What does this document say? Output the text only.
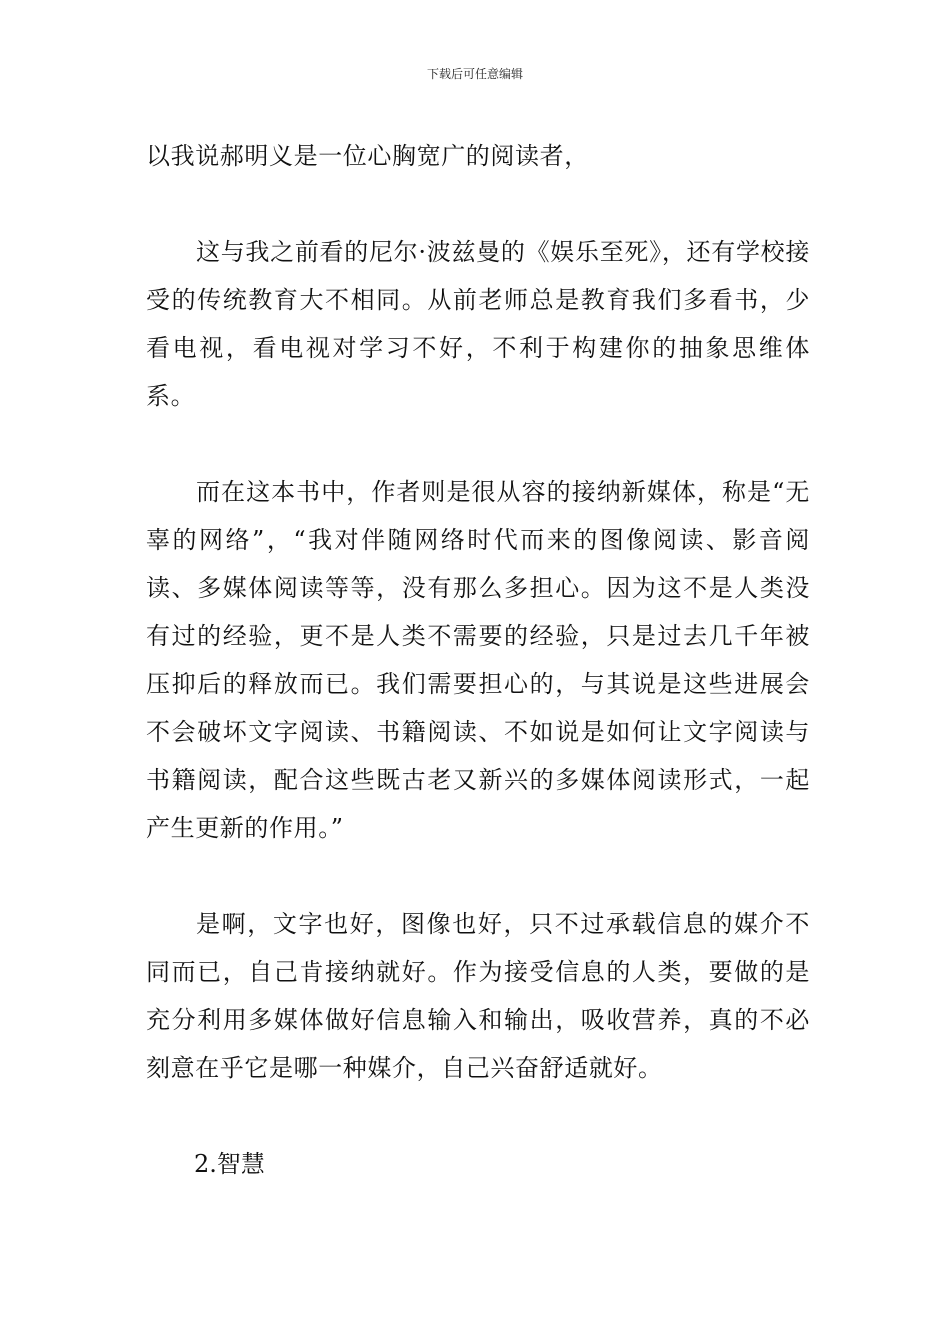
下载后可任意编辑

以我说郝明义是一位心胸宽广的阅读者，

这与我之前看的尼尔·波兹曼的《娱乐至死》，还有学校接受的传统教育大不相同。从前老师总是教育我们多看书，少看电视，看电视对学习不好，不利于构建你的抽象思维体系。

而在这本书中，作者则是很从容的接纳新媒体，称是“无辜的网络”，“我对伴随网络时代而来的图像阅读、影音阅读、多媒体阅读等等，没有那么多担心。因为这不是人类没有过的经验，更不是人类不需要的经验，只是过去几千年被压抑后的释放而已。我们需要担心的，与其说是这些进展会不会破坏文字阅读、书籍阅读、不如说是如何让文字阅读与书籍阅读，配合这些既古老又新兴的多媒体阅读形式，一起产生更新的作用。”

是啊，文字也好，图像也好，只不过承载信息的媒介不同而已，自己肯接纳就好。作为接受信息的人类，要做的是充分利用多媒体做好信息输入和输出，吸收营养，真的不必刻意在乎它是哪一种媒介，自己兴奋舒适就好。

2.智慧
